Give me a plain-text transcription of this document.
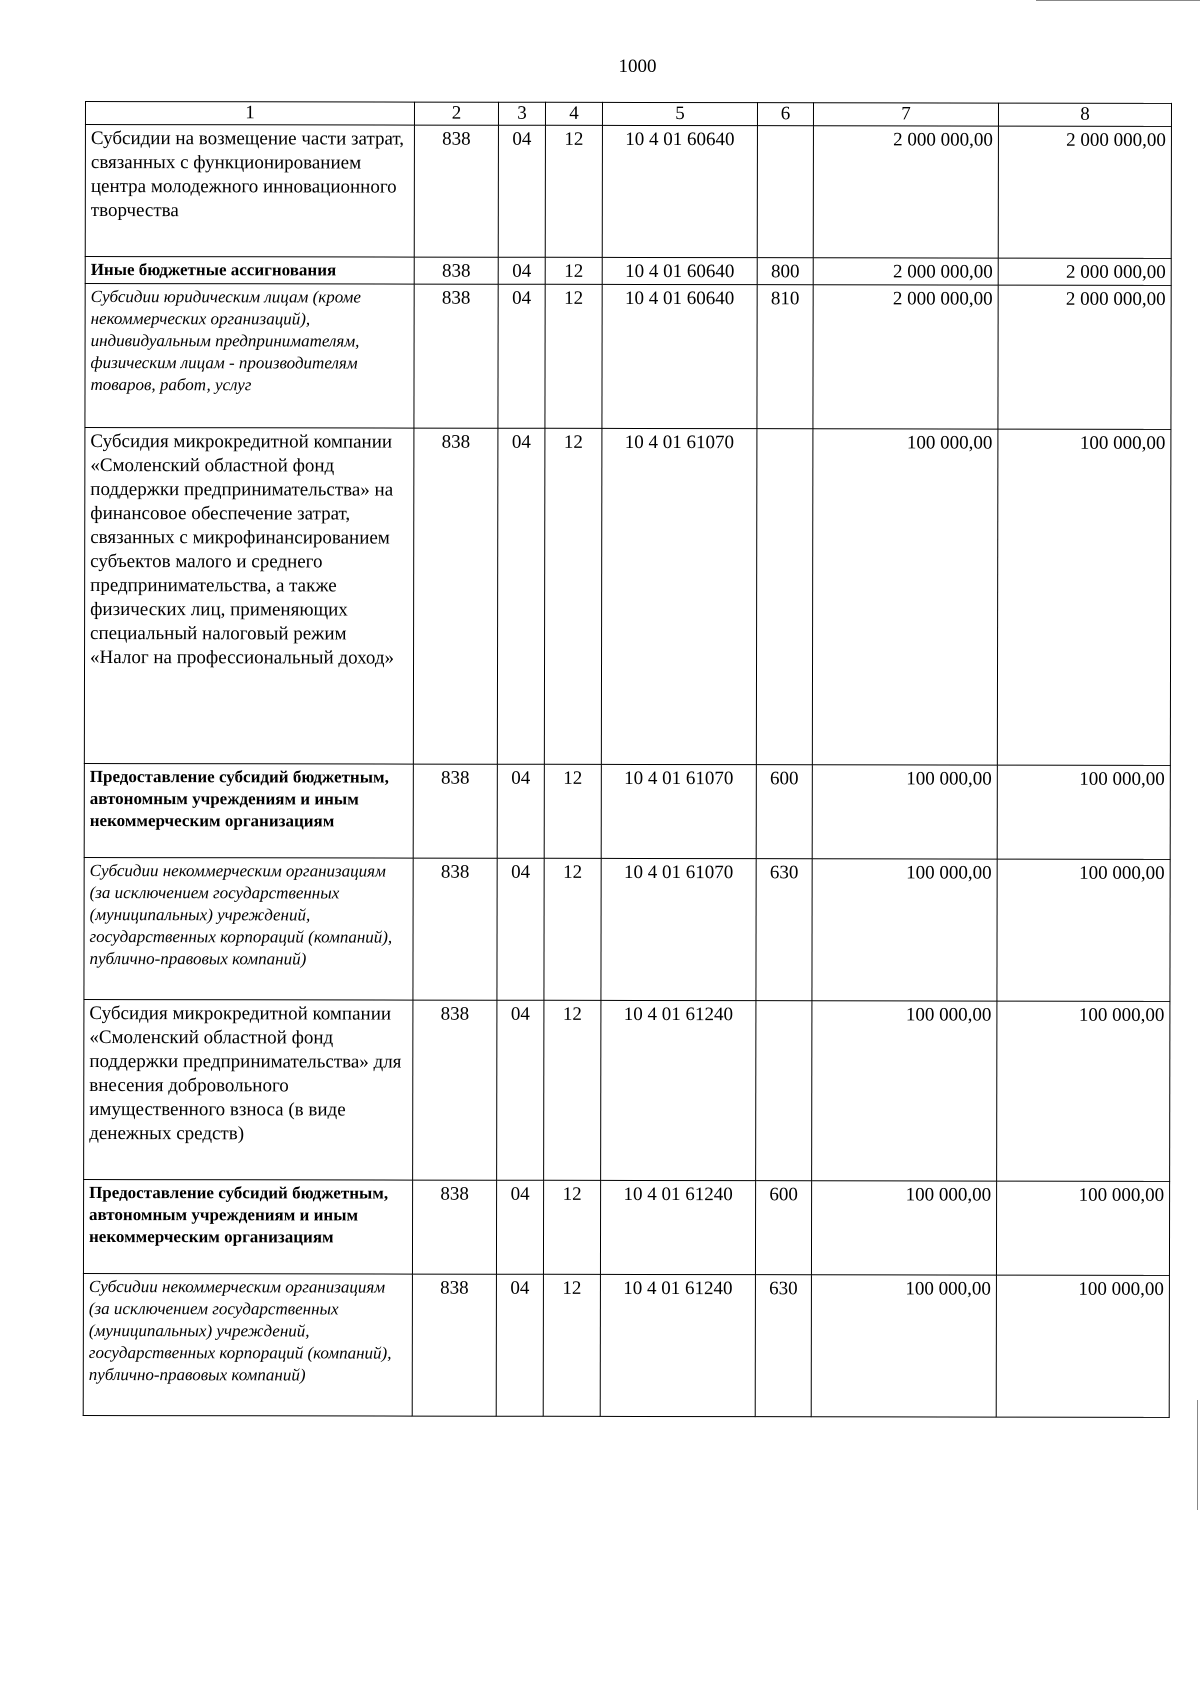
1000
1	2	3	4	5	6	7	8
Субсидии на возмещение части затрат, связанных с функционированием центра молодежного инновационного творчества	838	04	12	10 4 01 60640		2 000 000,00	2 000 000,00
Иные бюджетные ассигнования	838	04	12	10 4 01 60640	800	2 000 000,00	2 000 000,00
Субсидии юридическим лицам (кроме некоммерческих организаций), индивидуальным предпринимателям, физическим лицам - производителям товаров, работ, услуг	838	04	12	10 4 01 60640	810	2 000 000,00	2 000 000,00
Субсидия микрокредитной компании «Смоленский областной фонд поддержки предпринимательства» на финансовое обеспечение затрат, связанных с микрофинансированием субъектов малого и среднего предпринимательства, а также физических лиц, применяющих специальный налоговый режим «Налог на профессиональный доход»	838	04	12	10 4 01 61070		100 000,00	100 000,00
Предоставление субсидий бюджетным, автономным учреждениям и иным некоммерческим организациям	838	04	12	10 4 01 61070	600	100 000,00	100 000,00
Субсидии некоммерческим организациям (за исключением государственных (муниципальных) учреждений, государственных корпораций (компаний), публично-правовых компаний)	838	04	12	10 4 01 61070	630	100 000,00	100 000,00
Субсидия микрокредитной компании «Смоленский областной фонд поддержки предпринимательства» для внесения добровольного имущественного взноса (в виде денежных средств)	838	04	12	10 4 01 61240		100 000,00	100 000,00
Предоставление субсидий бюджетным, автономным учреждениям и иным некоммерческим организациям	838	04	12	10 4 01 61240	600	100 000,00	100 000,00
Субсидии некоммерческим организациям (за исключением государственных (муниципальных) учреждений, государственных корпораций (компаний), публично-правовых компаний)	838	04	12	10 4 01 61240	630	100 000,00	100 000,00
